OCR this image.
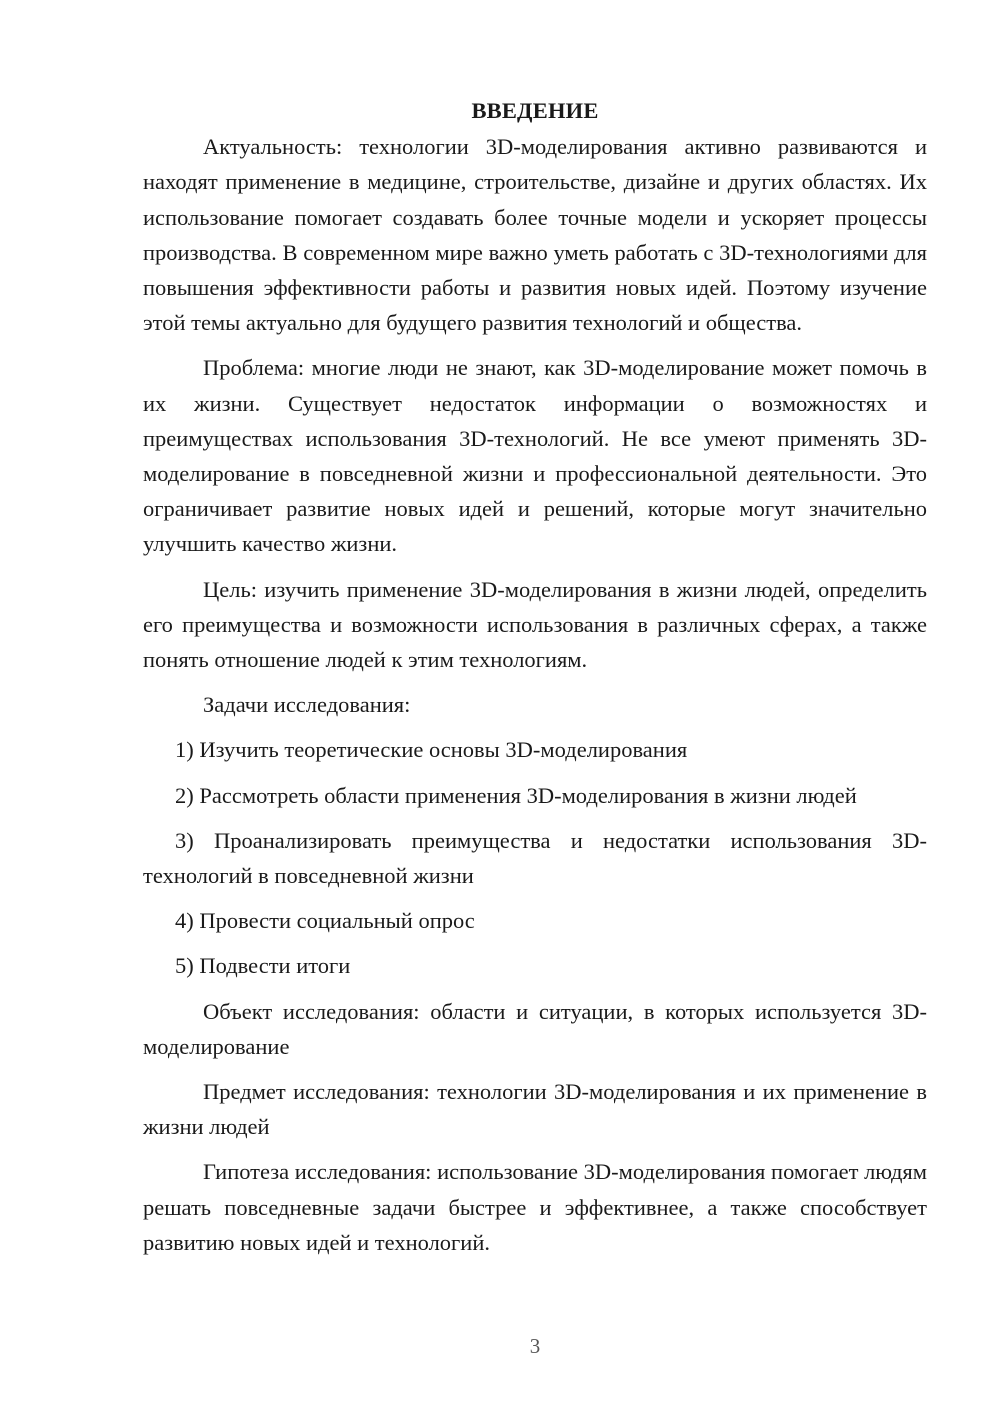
ВВЕДЕНИЕ

Актуальность: технологии 3D-моделирования активно развиваются и находят применение в медицине, строительстве, дизайне и других областях. Их использование помогает создавать более точные модели и ускоряет процессы производства. В современном мире важно уметь работать с 3D-технологиями для повышения эффективности работы и развития новых идей. Поэтому изучение этой темы актуально для будущего развития технологий и общества.

Проблема: многие люди не знают, как 3D-моделирование может помочь в их жизни. Существует недостаток информации о возможностях и преимуществах использования 3D-технологий. Не все умеют применять 3D-моделирование в повседневной жизни и профессиональной деятельности. Это ограничивает развитие новых идей и решений, которые могут значительно улучшить качество жизни.

Цель: изучить применение 3D-моделирования в жизни людей, определить его преимущества и возможности использования в различных сферах, а также понять отношение людей к этим технологиям.

Задачи исследования:

1) Изучить теоретические основы 3D-моделирования
2) Рассмотреть области применения 3D-моделирования в жизни людей
3) Проанализировать преимущества и недостатки использования 3D-технологий в повседневной жизни
4) Провести социальный опрос
5) Подвести итоги

Объект исследования: области и ситуации, в которых используется 3D-моделирование

Предмет исследования: технологии 3D-моделирования и их применение в жизни людей

Гипотеза исследования: использование 3D-моделирования помогает людям решать повседневные задачи быстрее и эффективнее, а также способствует развитию новых идей и технологий.

3
